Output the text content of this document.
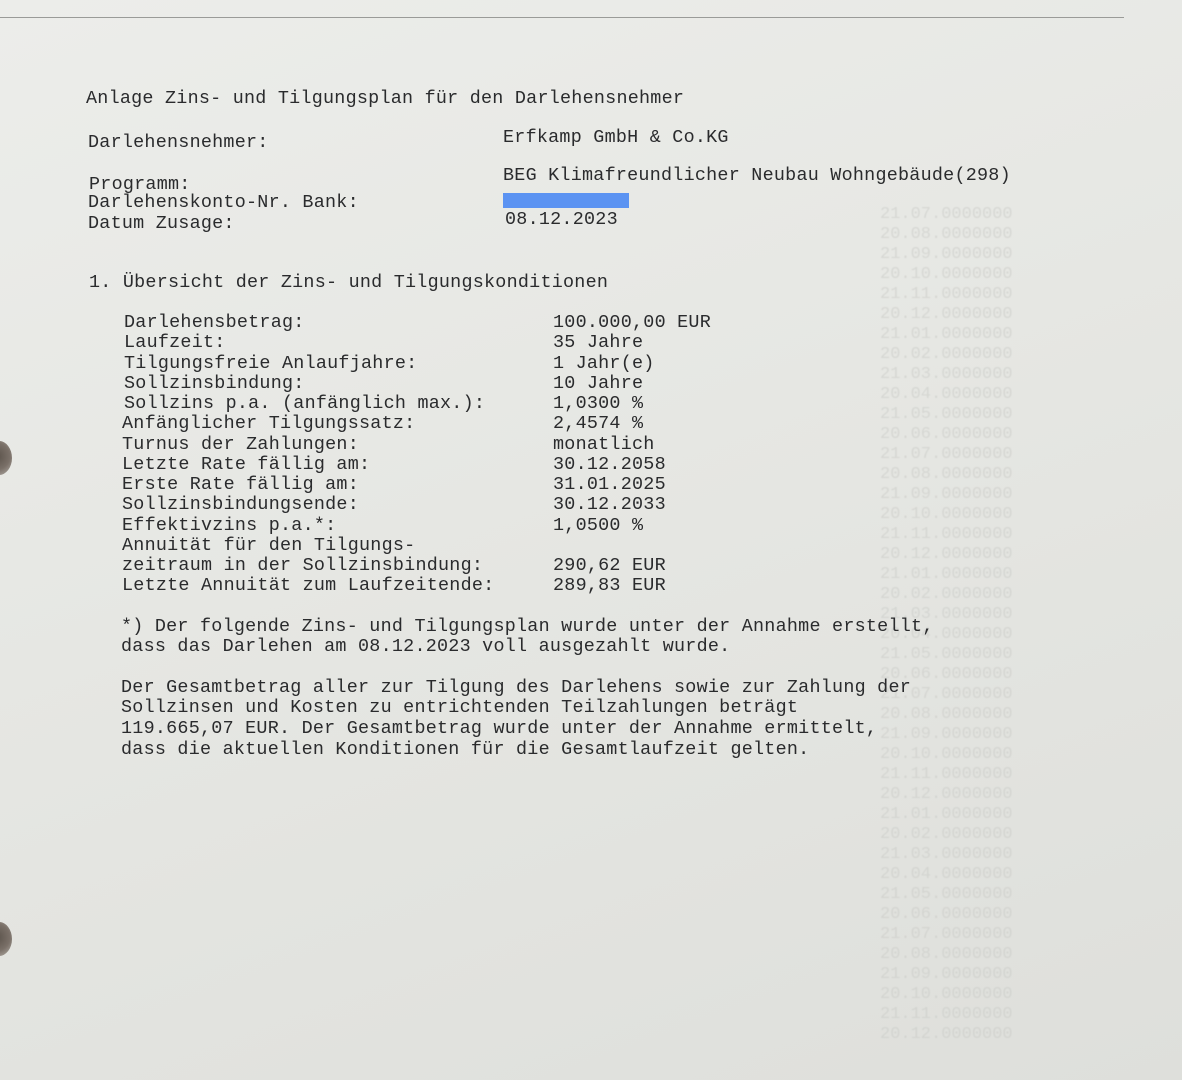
21.07.0000000
20.08.0000000
21.09.0000000
20.10.0000000
21.11.0000000
20.12.0000000
21.01.0000000
20.02.0000000
21.03.0000000
20.04.0000000
21.05.0000000
20.06.0000000
21.07.0000000
20.08.0000000
21.09.0000000
20.10.0000000
21.11.0000000
20.12.0000000
21.01.0000000
20.02.0000000
21.03.0000000
20.04.0000000
21.05.0000000
20.06.0000000
21.07.0000000
20.08.0000000
21.09.0000000
20.10.0000000
21.11.0000000
20.12.0000000
21.01.0000000
20.02.0000000
21.03.0000000
20.04.0000000
21.05.0000000
20.06.0000000
21.07.0000000
20.08.0000000
21.09.0000000
20.10.0000000
21.11.0000000
20.12.0000000
Anlage Zins- und Tilgungsplan für den Darlehensnehmer
Darlehensnehmer:	Erfkamp GmbH & Co.KG
Programm:	BEG Klimafreundlicher Neubau Wohngebäude(298)
Darlehenskonto-Nr. Bank:
Datum Zusage:	08.12.2023
1. Übersicht der Zins- und Tilgungskonditionen
Darlehensbetrag:	100.000,00 EUR
Laufzeit:	35 Jahre
Tilgungsfreie Anlaufjahre:	1 Jahr(e)
Sollzinsbindung:	10 Jahre
Sollzins p.a. (anfänglich max.):	1,0300 %
Anfänglicher Tilgungssatz:	2,4574 %
Turnus der Zahlungen:	monatlich
Letzte Rate fällig am:	30.12.2058
Erste Rate fällig am:	31.01.2025
Sollzinsbindungsende:	30.12.2033
Effektivzins p.a.*:	1,0500 %
Annuität für den Tilgungs-
zeitraum in der Sollzinsbindung:	290,62 EUR
Letzte Annuität zum Laufzeitende:	289,83 EUR
*) Der folgende Zins- und Tilgungsplan wurde unter der Annahme erstellt,
dass das Darlehen am 08.12.2023 voll ausgezahlt wurde.
Der Gesamtbetrag aller zur Tilgung des Darlehens sowie zur Zahlung der
Sollzinsen und Kosten zu entrichtenden Teilzahlungen beträgt
119.665,07 EUR. Der Gesamtbetrag wurde unter der Annahme ermittelt,
dass die aktuellen Konditionen für die Gesamtlaufzeit gelten.
